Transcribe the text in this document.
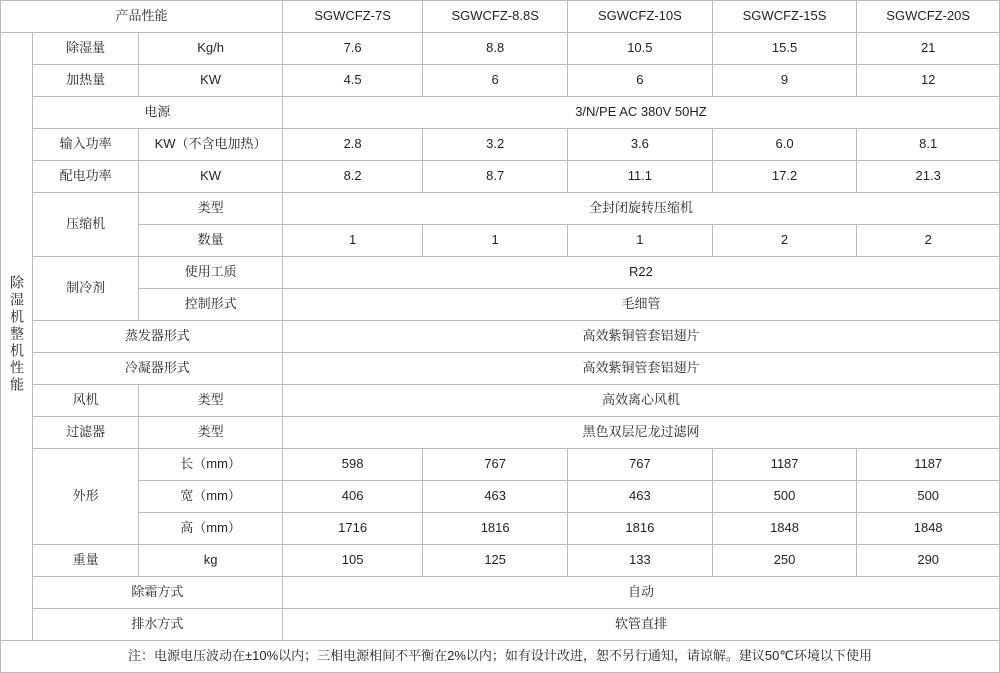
产品性能			SGWCFZ-7S	SGWCFZ-8.8S	SGWCFZ-10S	SGWCFZ-15S	SGWCFZ-20S
除湿机整机性能	除湿量	Kg/h	7.6	8.8	10.5	15.5	21
	加热量	KW	4.5	6	6	9	12
	电源		3/N/PE AC 380V 50HZ				
	输入功率	KW（不含电加热）	2.8	3.2	3.6	6.0	8.1
	配电功率	KW	8.2	8.7	11.1	17.2	21.3
	压缩机	类型	全封闭旋转压缩机				
		数量	1	1	1	2	2
	制冷剂	使用工质	R22				
		控制形式	毛细管				
	蒸发器形式		高效紫铜管套铝翅片				
	冷凝器形式		高效紫铜管套铝翅片				
	风机	类型	高效离心风机				
	过滤器	类型	黑色双层尼龙过滤网				
	外形	长（mm）	598	767	767	1187	1187
		宽（mm）	406	463	463	500	500
		高（mm）	1716	1816	1816	1848	1848
	重量	kg	105	125	133	250	290
	除霜方式		自动				
	排水方式		软管直排				
注：电源电压波动在±10%以内；三相电源相间不平衡在2%以内；如有设计改进，恕不另行通知，请谅解。建议50℃环境以下使用							
